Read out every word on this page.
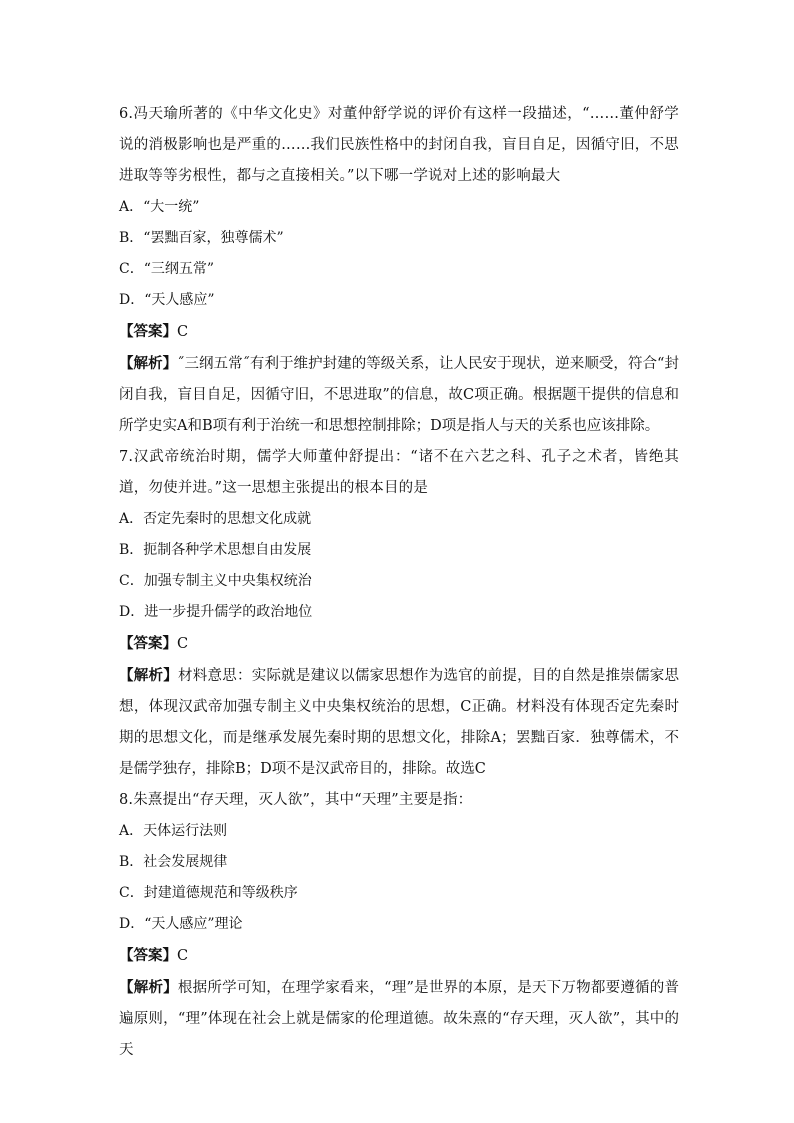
6.冯天瑜所著的《中华文化史》对董仲舒学说的评价有这样一段描述，“……董仲舒学说的消极影响也是严重的……我们民族性格中的封闭自我，盲目自足，因循守旧，不思进取等等劣根性，都与之直接相关。”以下哪一学说对上述的影响最大

A．“大一统”

B．“罢黜百家，独尊儒术”

C．“三纲五常”

D．“天人感应”

【答案】C

【解析】˝三纲五常˝有利于维护封建的等级关系，让人民安于现状，逆来顺受，符合“封闭自我，盲目自足，因循守旧，不思进取”的信息，故C项正确。根据题干提供的信息和所学史实A和B项有利于治统一和思想控制排除；D项是指人与天的关系也应该排除。

7.汉武帝统治时期，儒学大师董仲舒提出：“诸不在六艺之科、孔子之术者，皆绝其道，勿使并进。”这一思想主张提出的根本目的是

A．否定先秦时的思想文化成就

B．扼制各种学术思想自由发展

C．加强专制主义中央集权统治

D．进一步提升儒学的政治地位

【答案】C

【解析】材料意思：实际就是建议以儒家思想作为选官的前提，目的自然是推崇儒家思想，体现汉武帝加强专制主义中央集权统治的思想，C正确。材料没有体现否定先秦时期的思想文化，而是继承发展先秦时期的思想文化，排除A；罢黜百家．独尊儒术，不是儒学独存，排除B；D项不是汉武帝目的，排除。故选C

8.朱熹提出“存天理，灭人欲”，其中“天理”主要是指：

A．天体运行法则

B．社会发展规律

C．封建道德规范和等级秩序

D．“天人感应”理论

【答案】C

【解析】根据所学可知，在理学家看来，“理”是世界的本原，是天下万物都要遵循的普遍原则，“理”体现在社会上就是儒家的伦理道德。故朱熹的“存天理，灭人欲”，其中的天
